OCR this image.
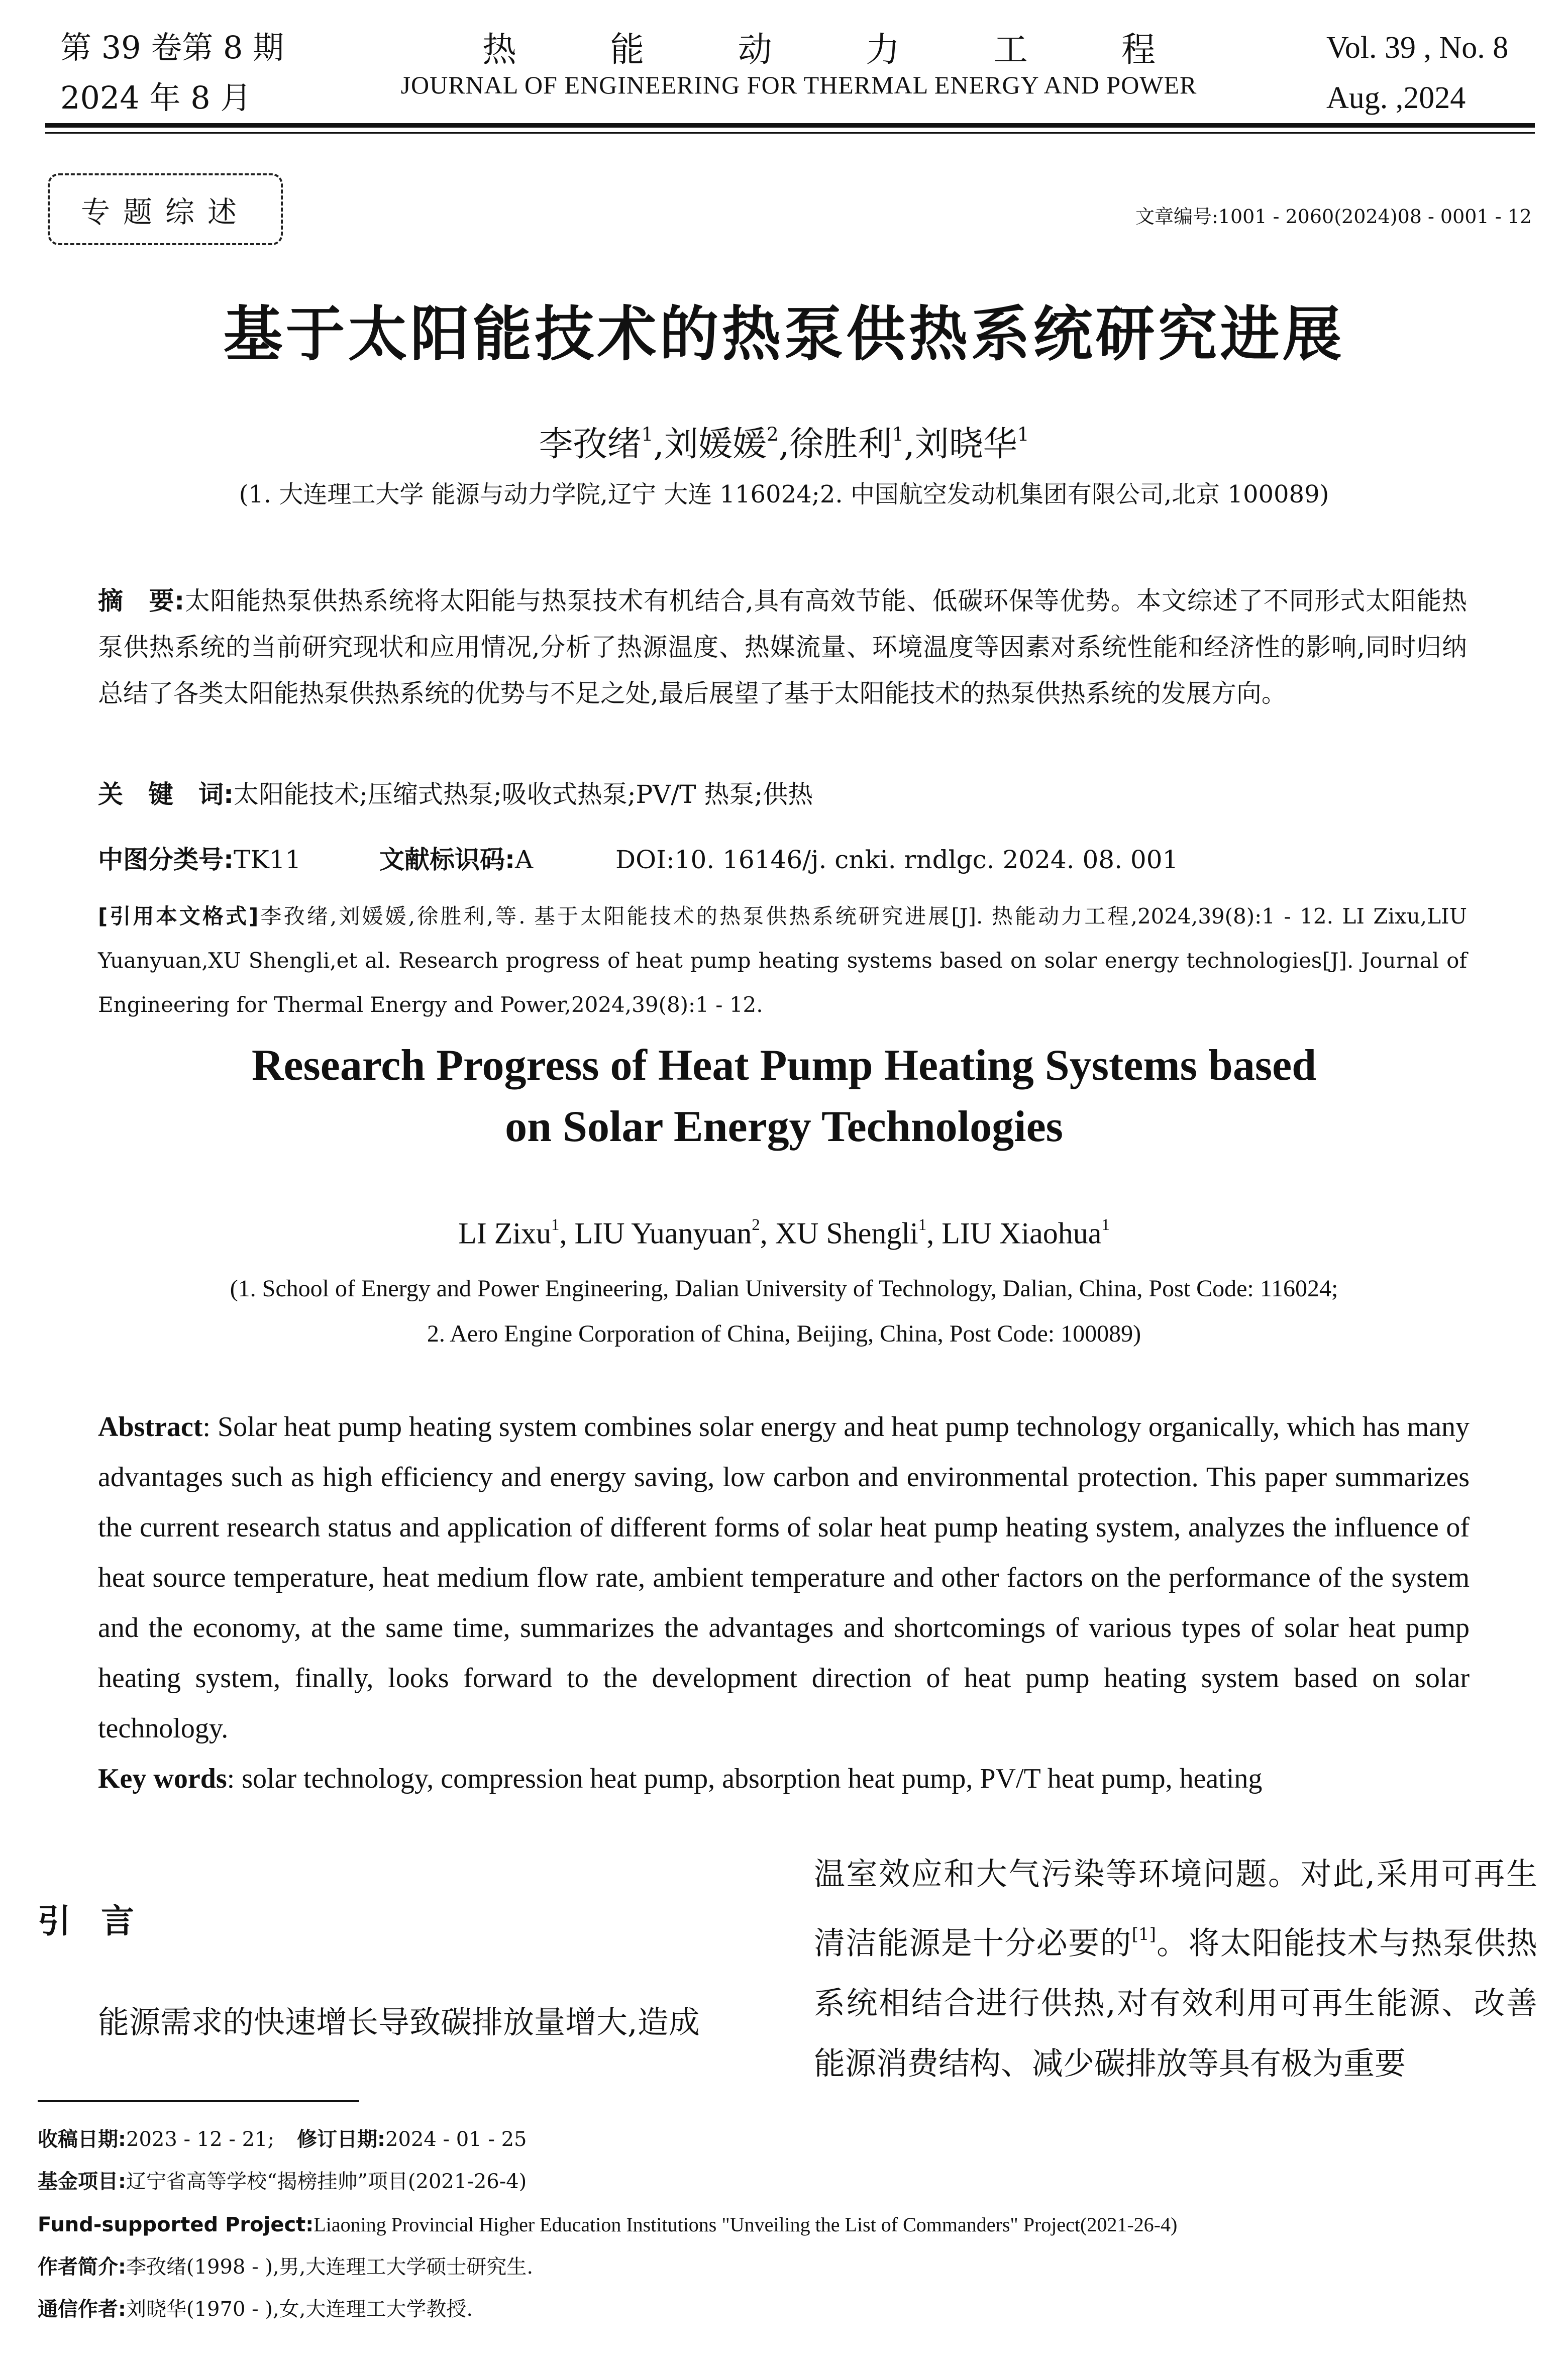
第 39 卷第 8 期
2024 年 8 月
热	能	动	力	工	程
JOURNAL OF ENGINEERING FOR THERMAL ENERGY AND POWER
Vol. 39 , No. 8
Aug. ,2024
专题综述	文章编号:1001 - 2060(2024)08 - 0001 - 12
基于太阳能技术的热泵供热系统研究进展
李孜绪$^1$,刘媛媛$^2$,徐胜利$^1$,刘晓华$^1$
(1. 大连理工大学 能源与动力学院,辽宁 大连 116024;2. 中国航空发动机集团有限公司,北京 100089)
摘　要:太阳能热泵供热系统将太阳能与热泵技术有机结合,具有高效节能、低碳环保等优势。本文综述了不同形式太阳能热泵供热系统的当前研究现状和应用情况,分析了热源温度、热媒流量、环境温度等因素对系统性能和经济性的影响,同时归纳总结了各类太阳能热泵供热系统的优势与不足之处,最后展望了基于太阳能技术的热泵供热系统的发展方向。
关　键　词:太阳能技术;压缩式热泵;吸收式热泵;PV/T 热泵;供热
中图分类号:TK11	文献标识码:A	DOI:10. 16146/j. cnki. rndlgc. 2024. 08. 001
[引用本文格式]李孜绪,刘媛媛,徐胜利,等. 基于太阳能技术的热泵供热系统研究进展[J]. 热能动力工程,2024,39(8):1 - 12. LI Zixu,LIU Yuanyuan,XU Shengli,et al. Research progress of heat pump heating systems based on solar energy technologies[J]. Journal of Engineering for Thermal Energy and Power,2024,39(8):1 - 12.
Research Progress of Heat Pump Heating Systems based
on Solar Energy Technologies
LI Zixu$^1$, LIU Yuanyuan$^2$, XU Shengli$^1$, LIU Xiaohua$^1$
(1. School of Energy and Power Engineering, Dalian University of Technology, Dalian, China, Post Code: 116024;
2. Aero Engine Corporation of China, Beijing, China, Post Code: 100089)
Abstract: Solar heat pump heating system combines solar energy and heat pump technology organically, which has many advantages such as high efficiency and energy saving, low carbon and environmental protection. This paper summarizes the current research status and application of different forms of solar heat pump heating system, analyzes the influence of heat source temperature, heat medium flow rate, ambient temperature and other factors on the performance of the system and the economy, at the same time, summarizes the advantages and shortcomings of various types of solar heat pump heating system, finally, looks forward to the development direction of heat pump heating system based on solar technology.
Key words: solar technology, compression heat pump, absorption heat pump, PV/T heat pump, heating
引言
能源需求的快速增长导致碳排放量增大,造成
温室效应和大气污染等环境问题。对此,采用可再生清洁能源是十分必要的[1]。将太阳能技术与热泵供热系统相结合进行供热,对有效利用可再生能源、改善能源消费结构、减少碳排放等具有极为重要
收稿日期:2023 - 12 - 21; 修订日期:2024 - 01 - 25
基金项目:辽宁省高等学校“揭榜挂帅”项目(2021-26-4)
Fund-supported Project:Liaoning Provincial Higher Education Institutions "Unveiling the List of Commanders" Project(2021-26-4)
作者简介:李孜绪(1998 - ),男,大连理工大学硕士研究生.
通信作者:刘晓华(1970 - ),女,大连理工大学教授.
